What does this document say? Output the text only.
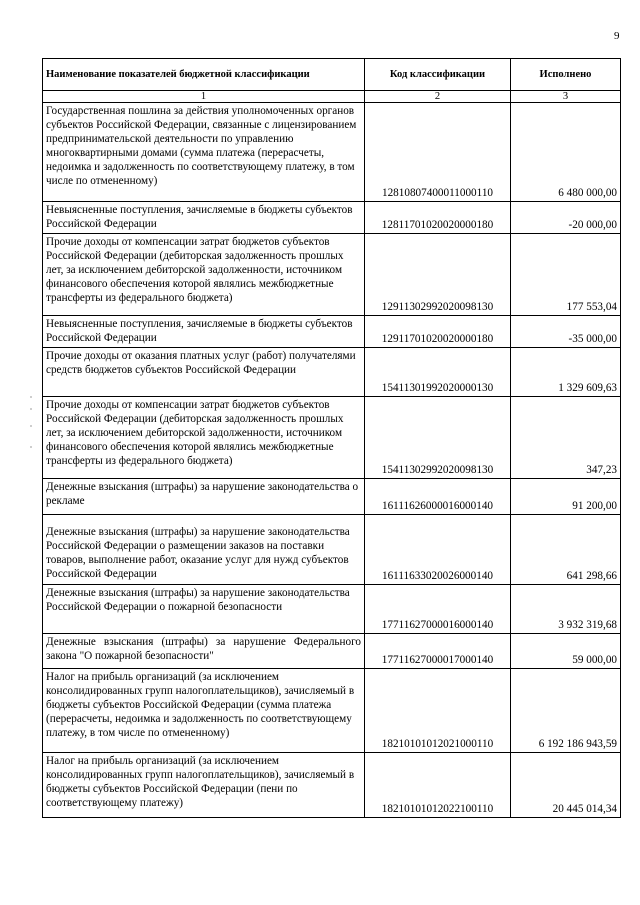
9
Наименование показателей бюджетной классификации	Код классификации	Исполнено
1	2	3
Государственная пошлина за действия уполномоченных органов субъектов Российской Федерации, связанные с лицензированием предпринимательской деятельности по управлению многоквартирными домами (сумма платежа (перерасчеты, недоимка и задолженность по соответствующему платежу, в том числе по отмененному)	12810807400011000110	6 480 000,00
Невыясненные поступления, зачисляемые в бюджеты субъектов Российской Федерации	12811701020020000180	-20 000,00
Прочие доходы от компенсации затрат бюджетов субъектов Российской Федерации (дебиторская задолженность прошлых лет, за исключением дебиторской задолженности, источником финансового обеспечения которой являлись межбюджетные трансферты из федерального бюджета)	12911302992020098130	177 553,04
Невыясненные поступления, зачисляемые в бюджеты субъектов Российской Федерации	12911701020020000180	-35 000,00
Прочие доходы от оказания платных услуг (работ) получателями средств бюджетов субъектов Российской Федерации	15411301992020000130	1 329 609,63
Прочие доходы от компенсации затрат бюджетов субъектов Российской Федерации (дебиторская задолженность прошлых лет, за исключением дебиторской задолженности, источником финансового обеспечения которой являлись межбюджетные трансферты из федерального бюджета)	15411302992020098130	347,23
Денежные взыскания (штрафы) за нарушение законодательства о рекламе	16111626000016000140	91 200,00
Денежные взыскания (штрафы) за нарушение законодательства Российской Федерации о размещении заказов на поставки товаров, выполнение работ, оказание услуг для нужд субъектов Российской Федерации	16111633020026000140	641 298,66
Денежные взыскания (штрафы) за нарушение законодательства Российской Федерации о пожарной безопасности	17711627000016000140	3 932 319,68
Денежные взыскания (штрафы) за нарушение Федерального закона "О пожарной безопасности"	17711627000017000140	59 000,00
Налог на прибыль организаций (за исключением консолидированных групп налогоплательщиков), зачисляемый в бюджеты субъектов Российской Федерации (сумма платежа (перерасчеты, недоимка и задолженность по соответствующему платежу, в том числе по отмененному)	18210101012021000110	6 192 186 943,59
Налог на прибыль организаций (за исключением консолидированных групп налогоплательщиков), зачисляемый в бюджеты субъектов Российской Федерации (пени по соответствующему платежу)	18210101012022100110	20 445 014,34
